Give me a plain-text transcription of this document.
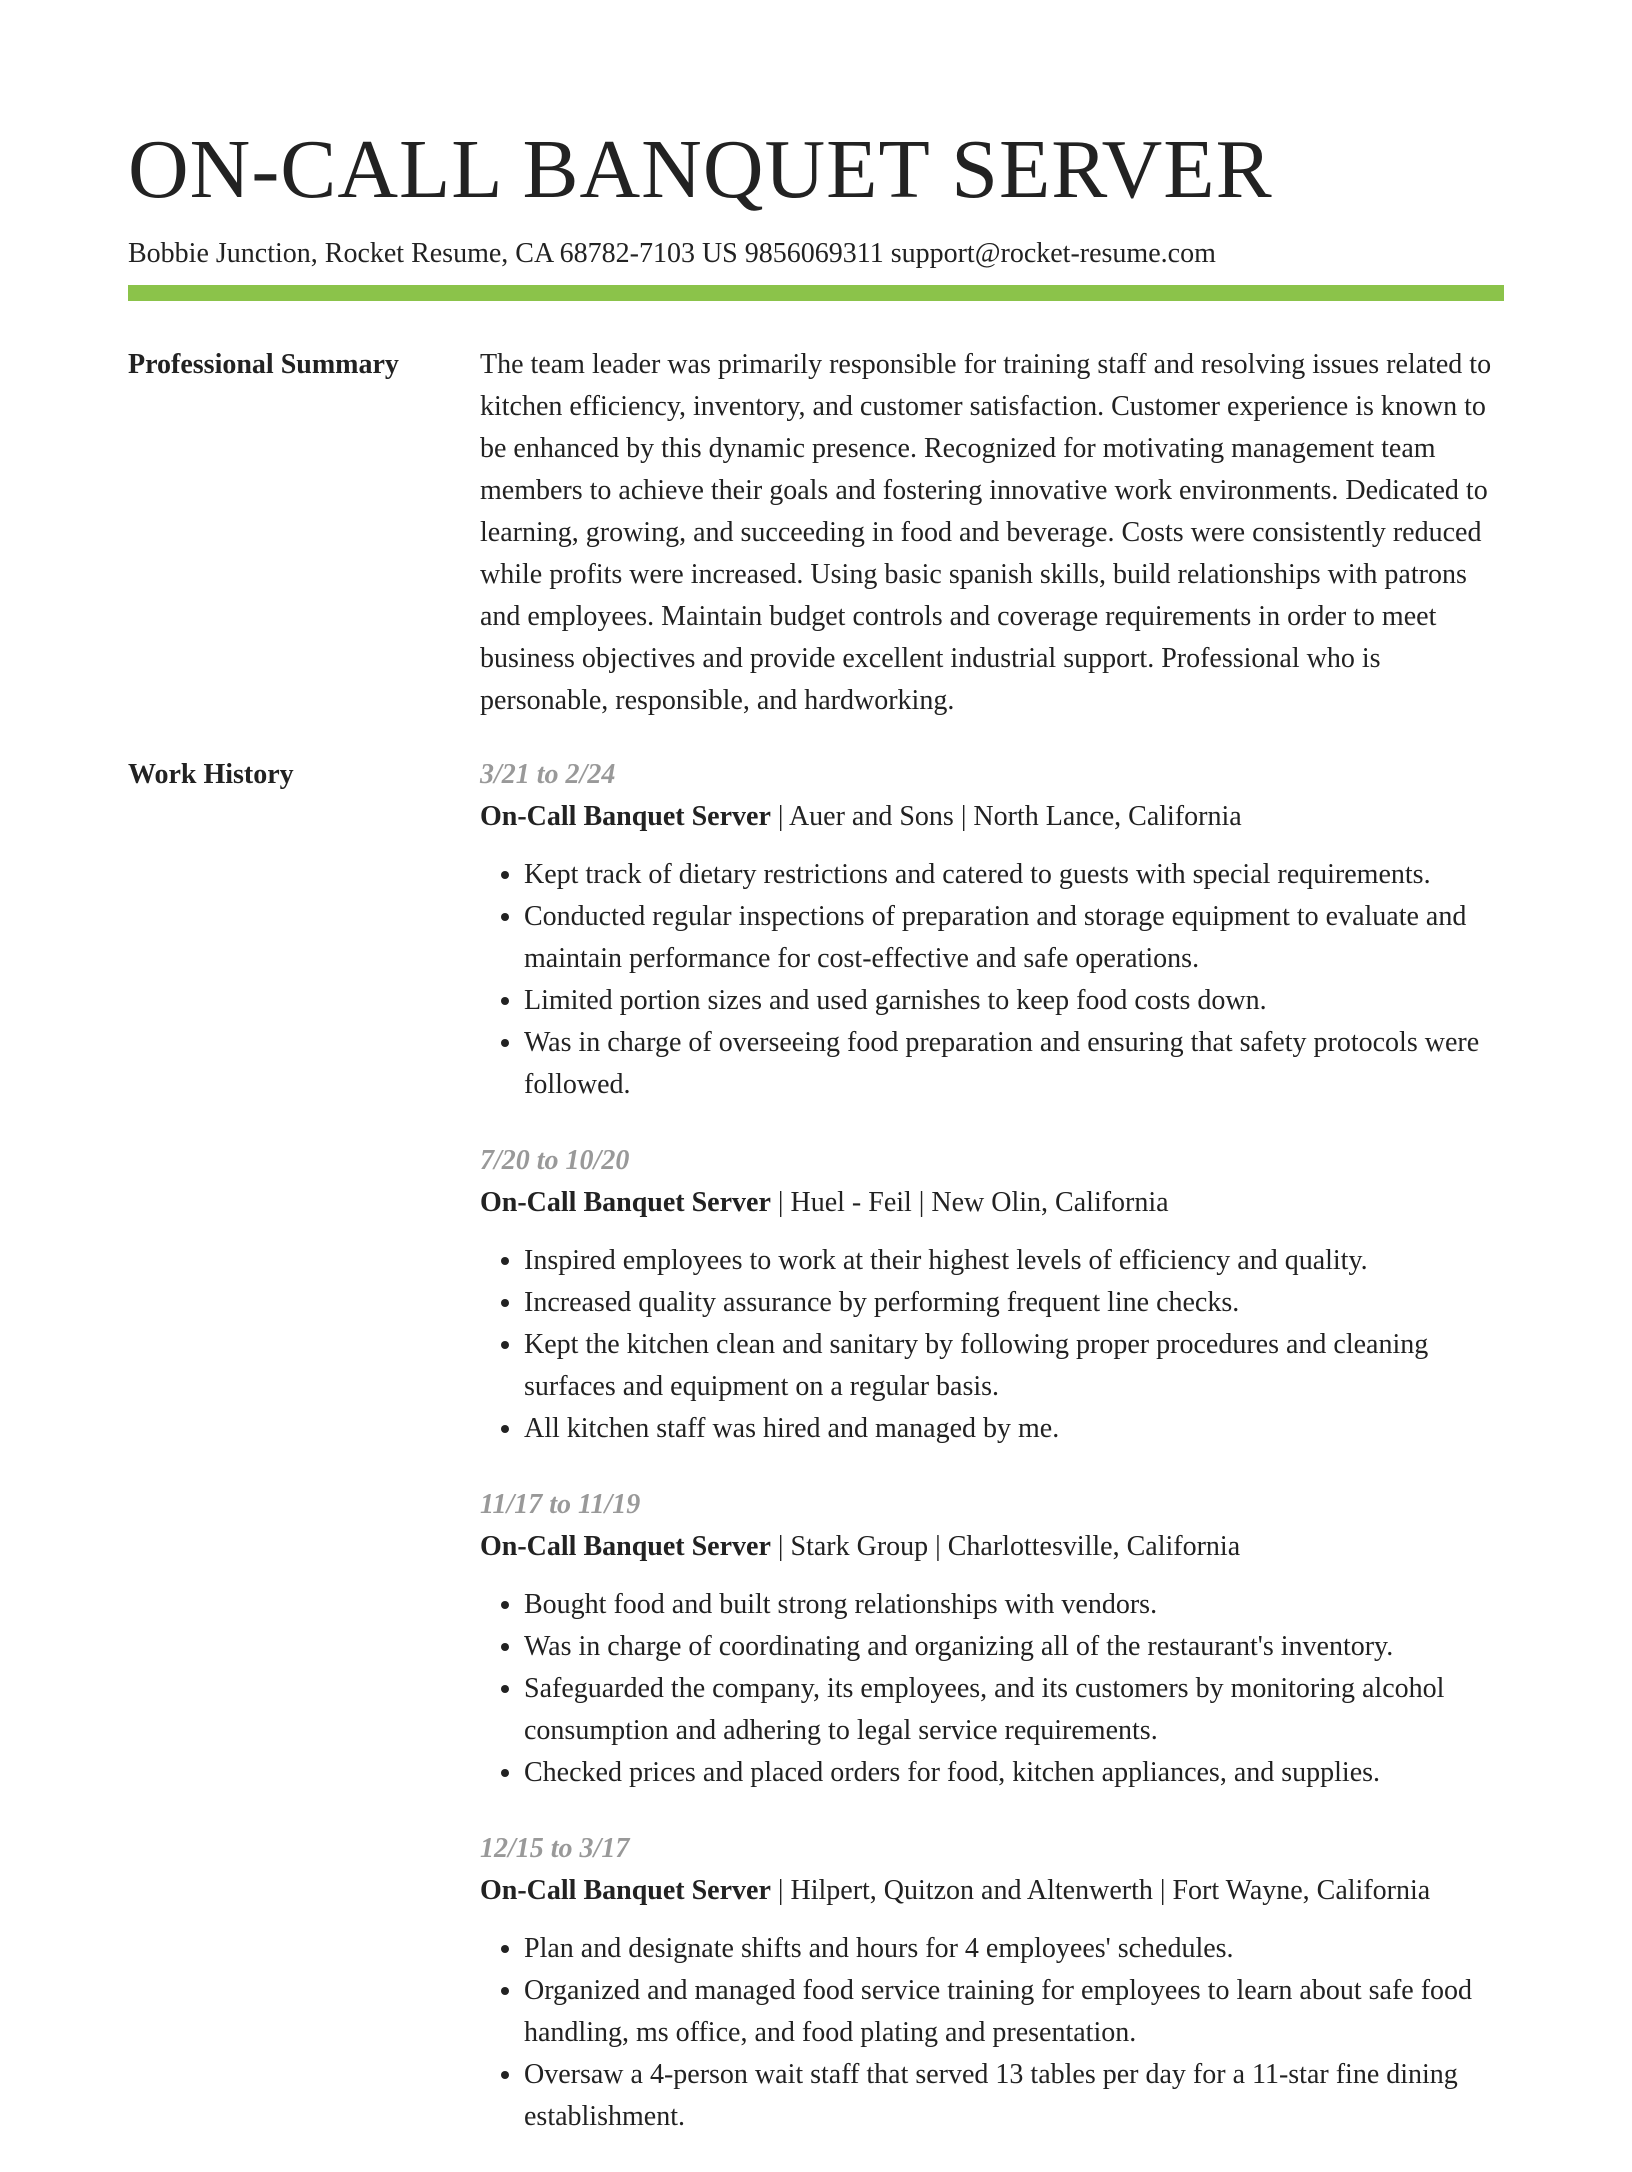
ON-CALL BANQUET SERVER
Bobbie Junction, Rocket Resume, CA 68782-7103 US 9856069311 support@rocket-resume.com
Professional Summary	The team leader was primarily responsible for training staff and resolving issues related to kitchen efficiency, inventory, and customer satisfaction. Customer experience is known to be enhanced by this dynamic presence. Recognized for motivating management team members to achieve their goals and fostering innovative work environments. Dedicated to learning, growing, and succeeding in food and beverage. Costs were consistently reduced while profits were increased. Using basic spanish skills, build relationships with patrons and employees. Maintain budget controls and coverage requirements in order to meet business objectives and provide excellent industrial support. Professional who is personable, responsible, and hardworking.

Work History	3/21 to 2/24

On-Call Banquet Server | Auer and Sons | North Lance, California

• Kept track of dietary restrictions and catered to guests with special requirements.
• Conducted regular inspections of preparation and storage equipment to evaluate and maintain performance for cost-effective and safe operations.
• Limited portion sizes and used garnishes to keep food costs down.
• Was in charge of overseeing food preparation and ensuring that safety protocols were followed.

7/20 to 10/20

On-Call Banquet Server | Huel - Feil | New Olin, California

• Inspired employees to work at their highest levels of efficiency and quality.
• Increased quality assurance by performing frequent line checks.
• Kept the kitchen clean and sanitary by following proper procedures and cleaning surfaces and equipment on a regular basis.
• All kitchen staff was hired and managed by me.

11/17 to 11/19

On-Call Banquet Server | Stark Group | Charlottesville, California

• Bought food and built strong relationships with vendors.
• Was in charge of coordinating and organizing all of the restaurant's inventory.
• Safeguarded the company, its employees, and its customers by monitoring alcohol consumption and adhering to legal service requirements.
• Checked prices and placed orders for food, kitchen appliances, and supplies.

12/15 to 3/17

On-Call Banquet Server | Hilpert, Quitzon and Altenwerth | Fort Wayne, California

• Plan and designate shifts and hours for 4 employees' schedules.
• Organized and managed food service training for employees to learn about safe food handling, ms office, and food plating and presentation.
• Oversaw a 4-person wait staff that served 13 tables per day for a 11-star fine dining establishment.
